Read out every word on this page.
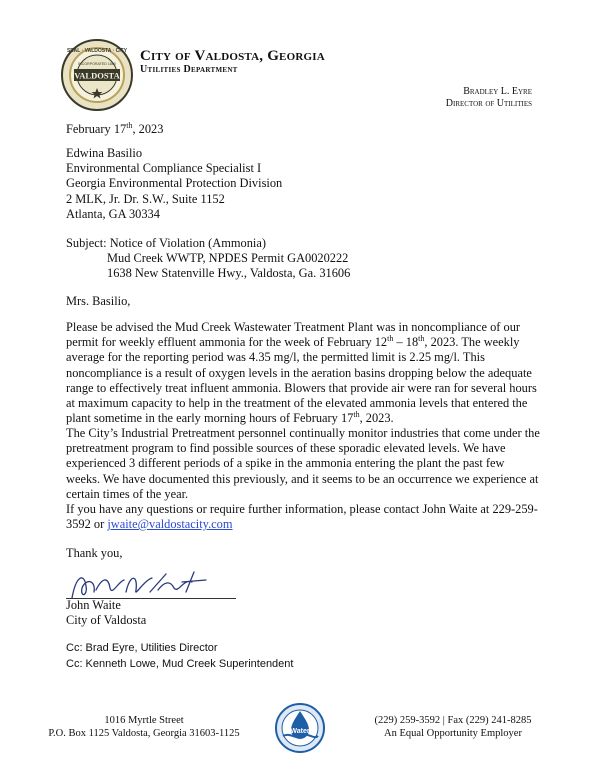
VALDOSTA
SEAL · VALDOSTA · CITY
INCORPORATED 1860 City of Valdosta, Georgia
Utilities Department
Bradley L. Eyre
Director of Utilities
February 17th, 2023
Edwina Basilio
Environmental Compliance Specialist I
Georgia Environmental Protection Division
2 MLK, Jr. Dr. S.W., Suite 1152
Atlanta, GA 30334
Subject: Notice of Violation (Ammonia)
Mud Creek WWTP, NPDES Permit GA0020222
1638 New Statenville Hwy., Valdosta, Ga. 31606
Mrs. Basilio,

Please be advised the Mud Creek Wastewater Treatment Plant was in noncompliance of our permit for weekly effluent ammonia for the week of February 12th – 18th, 2023. The weekly average for the reporting period was 4.35 mg/l, the permitted limit is 2.25 mg/l. This noncompliance is a result of oxygen levels in the aeration basins dropping below the adequate range to effectively treat influent ammonia. Blowers that provide air were ran for several hours at maximum capacity to help in the treatment of the elevated ammonia levels that entered the plant sometime in the early morning hours of February 17th, 2023.

The City’s Industrial Pretreatment personnel continually monitor industries that come under the pretreatment program to find possible sources of these sporadic elevated levels. We have experienced 3 different periods of a spike in the ammonia entering the plant the past few weeks. We have documented this previously, and it seems to be an occurrence we experience at certain times of the year.

If you have any questions or require further information, please contact John Waite at 229-259-3592 or jwaite@valdostacity.com

Thank you,
John Waite
City of Valdosta
Cc: Brad Eyre, Utilities Director
Cc: Kenneth Lowe, Mud Creek Superintendent
1016 Myrtle Street
P.O. Box 1125 Valdosta, Georgia 31603-1125	Water
(229) 259-3592 | Fax (229) 241-8285
An Equal Opportunity Employer
